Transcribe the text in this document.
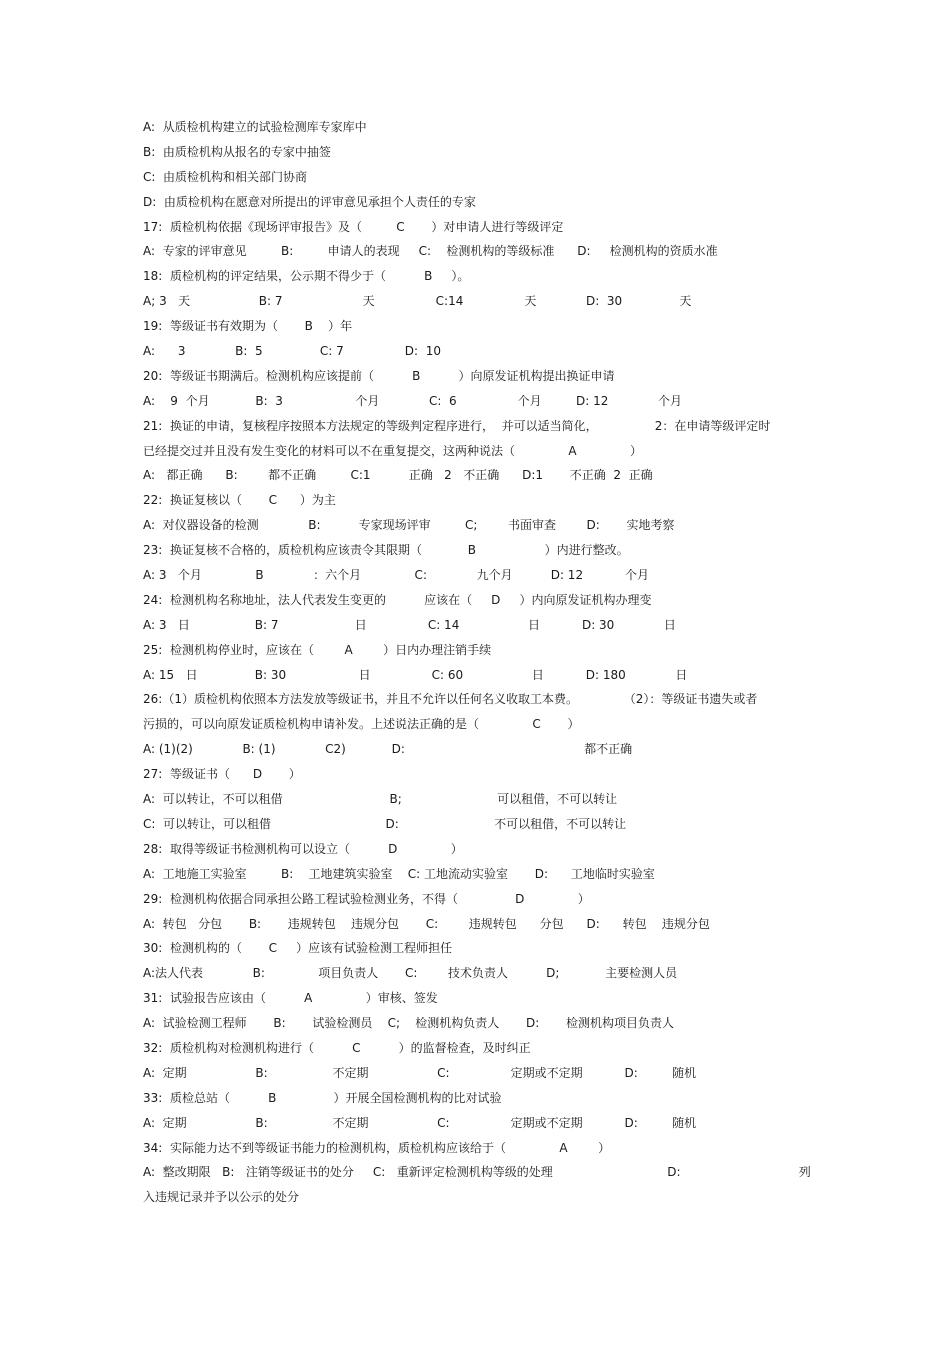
A:  从质检机构建立的试验检测库专家库中
B:  由质检机构从报名的专家中抽签
C:  由质检机构和相关部门协商
D:  由质检机构在愿意对所提出的评审意见承担个人责任的专家
17:  质检机构依据《现场评审报告》及（         C       ）对申请人进行等级评定
A:  专家的评审意见         B:         申请人的表现     C:    检测机构的等级标准      D:     检测机构的资质水准
18:  质检机构的评定结果，公示期不得少于（          B     ）。
A; 3   天                  B: 7                     天                C:14                天             D:  30               天
19:  等级证书有效期为（       B    ）年
A:      3             B:  5               C: 7                D:  10
20:  等级证书期满后。检测机构应该提前（          B          ）向原发证机构提出换证申请
A:    9  个月            B:  3                   个月             C:  6                个月         D: 12             个月
21:  换证的申请，复核程序按照本方法规定的等级判定程序进行，  并可以适当简化，               2：在申请等级评定时
已经提交过并且没有发生变化的材料可以不在重复提交，这两种说法（              A              ）
A:   都正确      B:        都不正确         C:1          正确   2   不正确      D:1       不正确  2  正确
22:  换证复核以（       C      ）为主
A:  对仪器设备的检测             B:          专家现场评审         C;        书面审查        D:       实地考察
23:  换证复核不合格的，质检机构应该责令其限期（            B                  ）内进行整改。
A: 3   个月              B             ：六个月              C:             九个月          D: 12           个月
24:  检测机构名称地址，法人代表发生变更的          应该在（     D     ）内向原发证机构办理变
A: 3   日                 B: 7                    日                C: 14                  日           D: 30             日
25:  检测机构停业时，应该在（        A        ）日内办理注销手续
A: 15   日               B: 30                   日                C: 60                  日           D: 180             日
26:（1）质检机构依照本方法发放等级证书，并且不允许以任何名义收取工本费。            （2）：等级证书遗失或者
污损的，可以向原发证质检机构申请补发。上述说法正确的是（              C       ）
A: (1)(2)             B: (1)             C2)            D:                                               都不正确
27:  等级证书（      D       ）
A:  可以转让，不可以租借                            B;                         可以租借，不可以转让
C:  可以转让，可以租借                              D:                         不可以租借，不可以转让
28:  取得等级证书检测机构可以设立（          D              ）
A:  工地施工实验室         B:    工地建筑实验室    C: 工地流动实验室       D:      工地临时实验室
29:  检测机构依据合同承担公路工程试验检测业务，不得（               D              ）
A:  转包   分包       B:       违规转包    违规分包       C:        违规转包      分包      D:      转包    违规分包
30:  检测机构的（       C     ）应该有试验检测工程师担任
A:法人代表             B:              项目负责人       C:        技术负责人          D;            主要检测人员
31:  试验报告应该由（          A              ）审核、签发
A:  试验检测工程师       B:       试验检测员    C;    检测机构负责人       D:       检测机构项目负责人
32:  质检机构对检测机构进行（          C          ）的监督检查，及时纠正
A:  定期                  B:                 不定期                  C:                定期或不定期           D:         随机
33:  质检总站（          B               ）开展全国检测机构的比对试验
A:  定期                  B:                 不定期                  C:                定期或不定期           D:         随机
34:  实际能力达不到等级证书能力的检测机构，质检机构应该给于（              A        ）
A:  整改期限   B:   注销等级证书的处分     C:   重新评定检测机构等级的处理                              D:                               列
入违规记录并予以公示的处分
